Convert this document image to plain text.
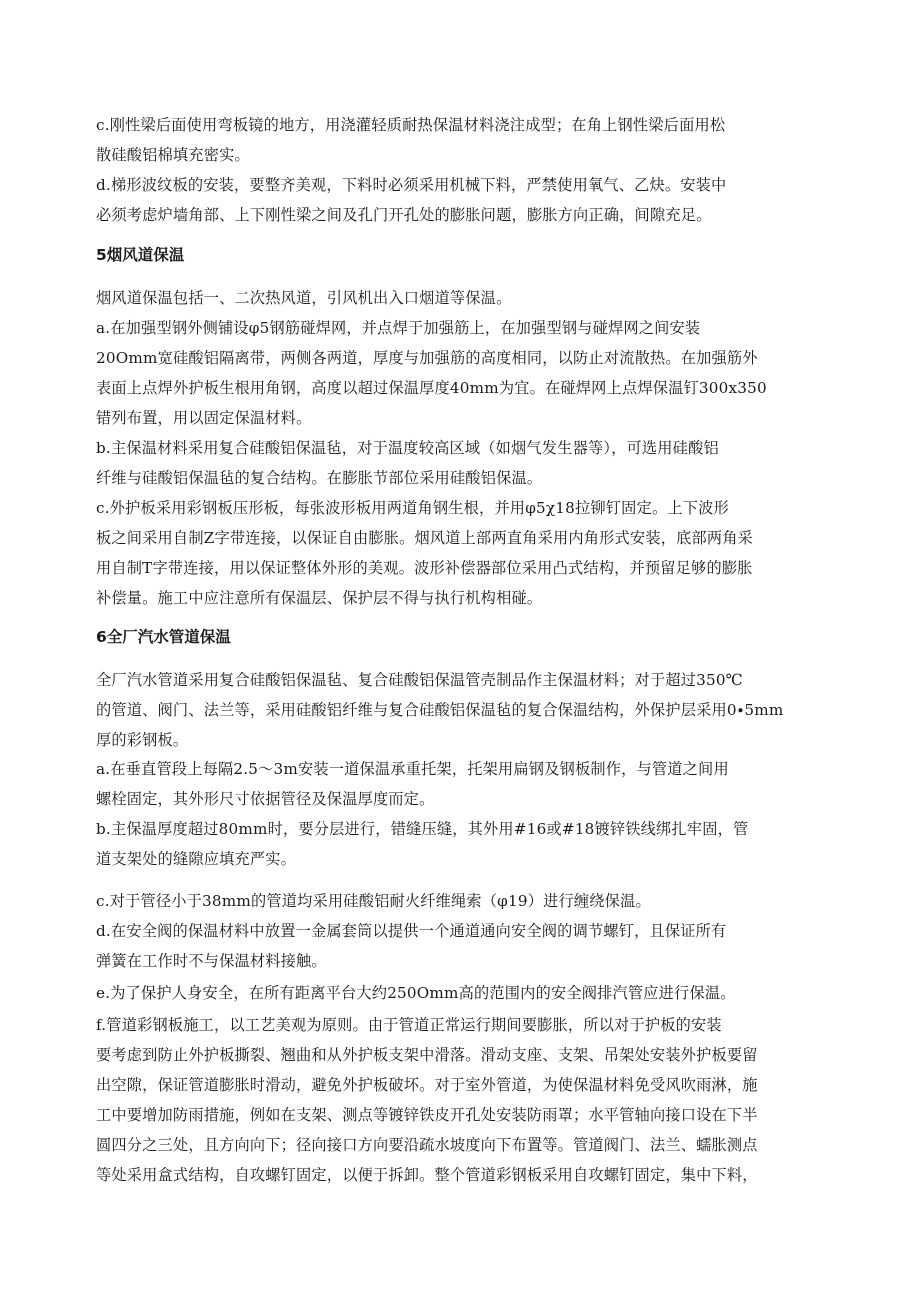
c.刚性梁后面使用弯板镜的地方，用浇灌轻质耐热保温材料浇注成型；在角上钢性梁后面用松
散硅酸铝棉填充密实。
d.梯形波纹板的安装，要整齐美观，下料时必须采用机械下料，严禁使用氧气、乙炔。安装中
必须考虑炉墙角部、上下刚性梁之间及孔门开孔处的膨胀问题，膨胀方向正确，间隙充足。
5烟风道保温
烟风道保温包括一、二次热风道，引风机出入口烟道等保温。
a.在加强型钢外侧铺设φ5钢筋碰焊网，并点焊于加强筋上，在加强型钢与碰焊网之间安装
20Omm宽硅酸铝隔离带，两侧各两道，厚度与加强筋的高度相同，以防止对流散热。在加强筋外
表面上点焊外护板生根用角钢，高度以超过保温厚度40mm为宜。在碰焊网上点焊保温钉300x350
错列布置，用以固定保温材料。
b.主保温材料采用复合硅酸铝保温毡，对于温度较高区域（如烟气发生器等），可选用硅酸铝
纤维与硅酸铝保温毡的复合结构。在膨胀节部位采用硅酸铝保温。
c.外护板采用彩钢板压形板，每张波形板用两道角钢生根，并用φ5χ18拉铆钉固定。上下波形
板之间采用自制Z字带连接，以保证自由膨胀。烟风道上部两直角采用内角形式安装，底部两角采
用自制T字带连接，用以保证整体外形的美观。波形补偿器部位采用凸式结构，并预留足够的膨胀
补偿量。施工中应注意所有保温层、保护层不得与执行机构相碰。
6全厂汽水管道保温
全厂汽水管道采用复合硅酸铝保温毡、复合硅酸铝保温管壳制品作主保温材料；对于超过350℃
的管道、阀门、法兰等，采用硅酸铝纤维与复合硅酸铝保温毡的复合保温结构，外保护层采用0∙5mm
厚的彩钢板。
a.在垂直管段上每隔2.5～3m安装一道保温承重托架，托架用扁钢及钢板制作，与管道之间用
螺栓固定，其外形尺寸依据管径及保温厚度而定。
b.主保温厚度超过80mm时，要分层进行，错缝压缝，其外用#16或#18镀锌铁线绑扎牢固，管
道支架处的缝隙应填充严实。
c.对于管径小于38mm的管道均采用硅酸铝耐火纤维绳索（φ19）进行缠绕保温。
d.在安全阀的保温材料中放置一金属套筒以提供一个通道通向安全阀的调节螺钉，且保证所有
弹簧在工作时不与保温材料接触。
e.为了保护人身安全，在所有距离平台大约250Omm高的范围内的安全阀排汽管应进行保温。
f.管道彩钢板施工，以工艺美观为原则。由于管道正常运行期间要膨胀，所以对于护板的安装
要考虑到防止外护板撕裂、翘曲和从外护板支架中滑落。滑动支座、支架、吊架处安装外护板要留
出空隙，保证管道膨胀时滑动，避免外护板破坏。对于室外管道，为使保温材料免受风吹雨淋，施
工中要增加防雨措施，例如在支架、测点等镀锌铁皮开孔处安装防雨罩；水平管轴向接口设在下半
圆四分之三处，且方向向下；径向接口方向要沿疏水坡度向下布置等。管道阀门、法兰、蠕胀测点
等处采用盒式结构，自攻螺钉固定，以便于拆卸。整个管道彩钢板采用自攻螺钉固定，集中下料，
